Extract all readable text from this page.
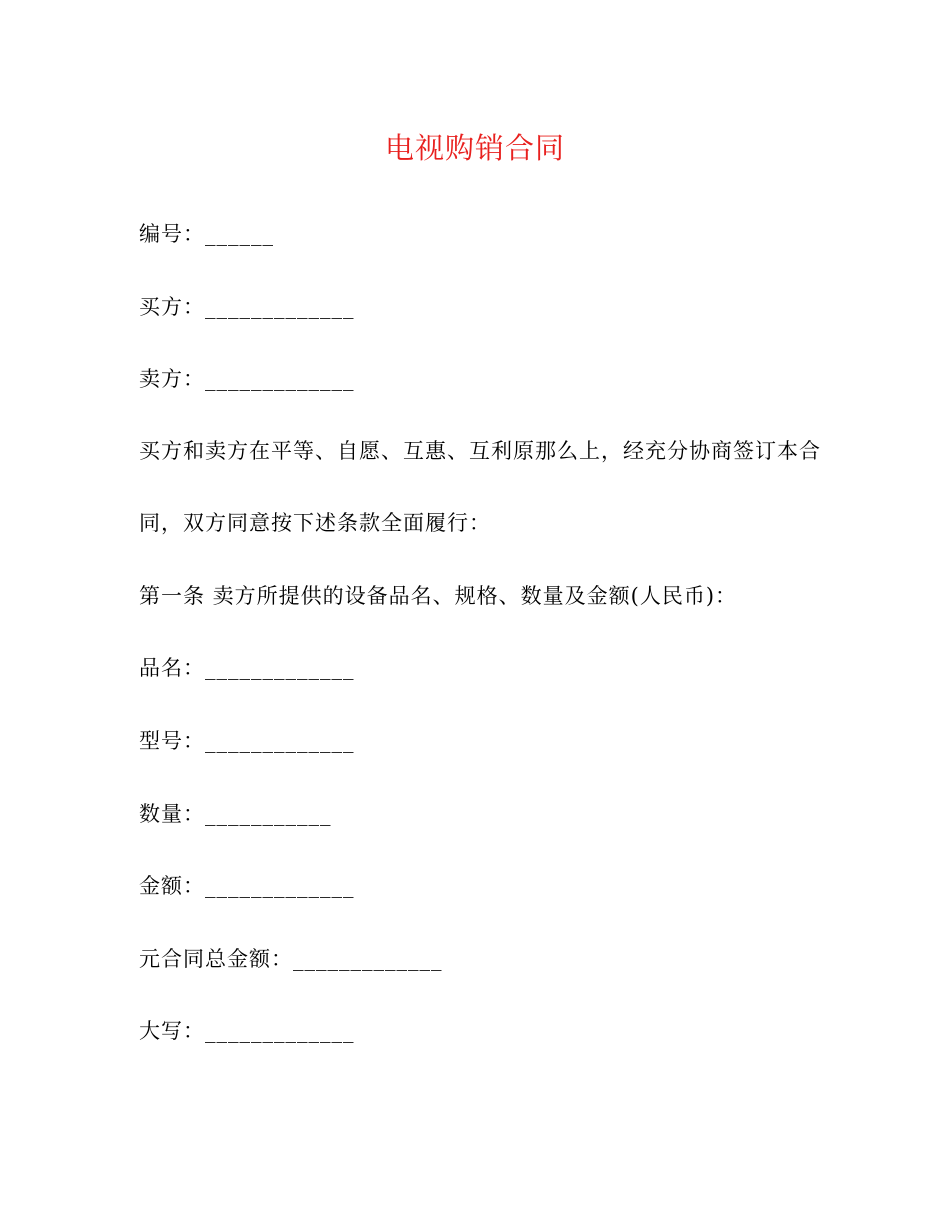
电视购销合同
编号：______
买方：_____________
卖方：_____________
买方和卖方在平等、自愿、互惠、互利原那么上，经充分协商签订本合
同，双方同意按下述条款全面履行：
第一条 卖方所提供的设备品名、规格、数量及金额(人民币)：
品名：_____________
型号：_____________
数量：___________
金额：_____________
元合同总金额：_____________
大写：_____________
